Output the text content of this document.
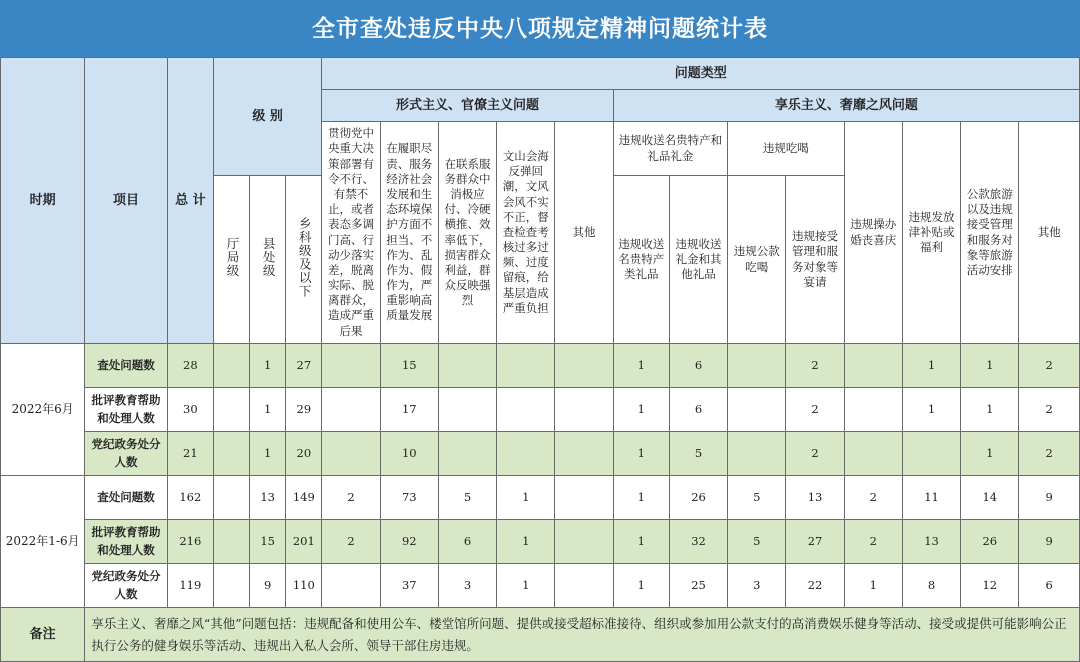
全市查处违反中央八项规定精神问题统计表
时期	项目	总 计	级 别			问题类型												
						形式主义、官僚主义问题					享乐主义、奢靡之风问题							
						贯彻党中央重大决策部署有令不行、有禁不止，或者表态多调门高、行动少落实差，脱离实际、脱离群众，造成严重后果	在履职尽责、服务经济社会发展和生态环境保护方面不担当、不作为、乱作为、假作为，严重影响高质量发展	在联系服务群众中消极应付、冷硬横推、效率低下，损害群众利益，群众反映强烈	文山会海反弹回潮，文风会风不实不正，督查检查考核过多过频、过度留痕，给基层造成严重负担	其他	违规收送名贵特产和礼品礼金		违规吃喝		违规操办婚丧喜庆	违规发放津补贴或福利	公款旅游以及违规接受管理和服务对象等旅游活动安排	其他
			厅局级	县处级	乡科级及以下						违规收送名贵特产类礼品	违规收送礼金和其他礼品	违规公款吃喝	违规接受管理和服务对象等宴请				
2022年6月	查处问题数	28		1	27		15				1	6		2		1	1	2
	批评教育帮助和处理人数	30		1	29		17				1	6		2		1	1	2
	党纪政务处分人数	21		1	20		10				1	5		2			1	2
2022年1-6月	查处问题数	162		13	149	2	73	5	1		1	26	5	13	2	11	14	9
	批评教育帮助和处理人数	216		15	201	2	92	6	1		1	32	5	27	2	13	26	9
	党纪政务处分人数	119		9	110		37	3	1		1	25	3	22	1	8	12	6
备注	享乐主义、奢靡之风“其他”问题包括：违规配备和使用公车、楼堂馆所问题、提供或接受超标准接待、组织或参加用公款支付的高消费娱乐健身等活动、接受或提供可能影响公正执行公务的健身娱乐等活动、违规出入私人会所、领导干部住房违规。																	
